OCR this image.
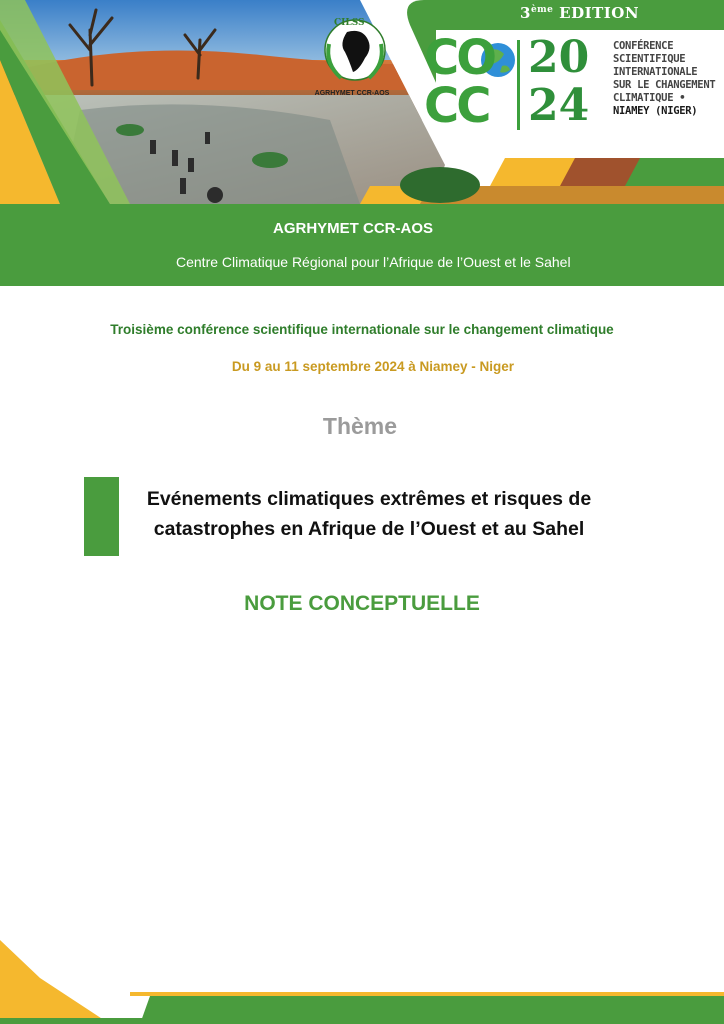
CILSS
AGRHYMET CCR-AOS
3ème EDITION
CO
CC
20
24
CONFÉRENCE
SCIENTIFIQUE
INTERNATIONALE
SUR LE CHANGEMENT
CLIMATIQUE •
NIAMEY (NIGER)
AGRHYMET CCR-AOS
Centre Climatique Régional pour l’Afrique de l’Ouest et le Sahel
Troisième conférence scientifique internationale sur le changement climatique
Du 9 au 11 septembre 2024 à Niamey - Niger
Thème
Evénements climatiques extrêmes et risques de
catastrophes en Afrique de l’Ouest et au Sahel
NOTE CONCEPTUELLE
